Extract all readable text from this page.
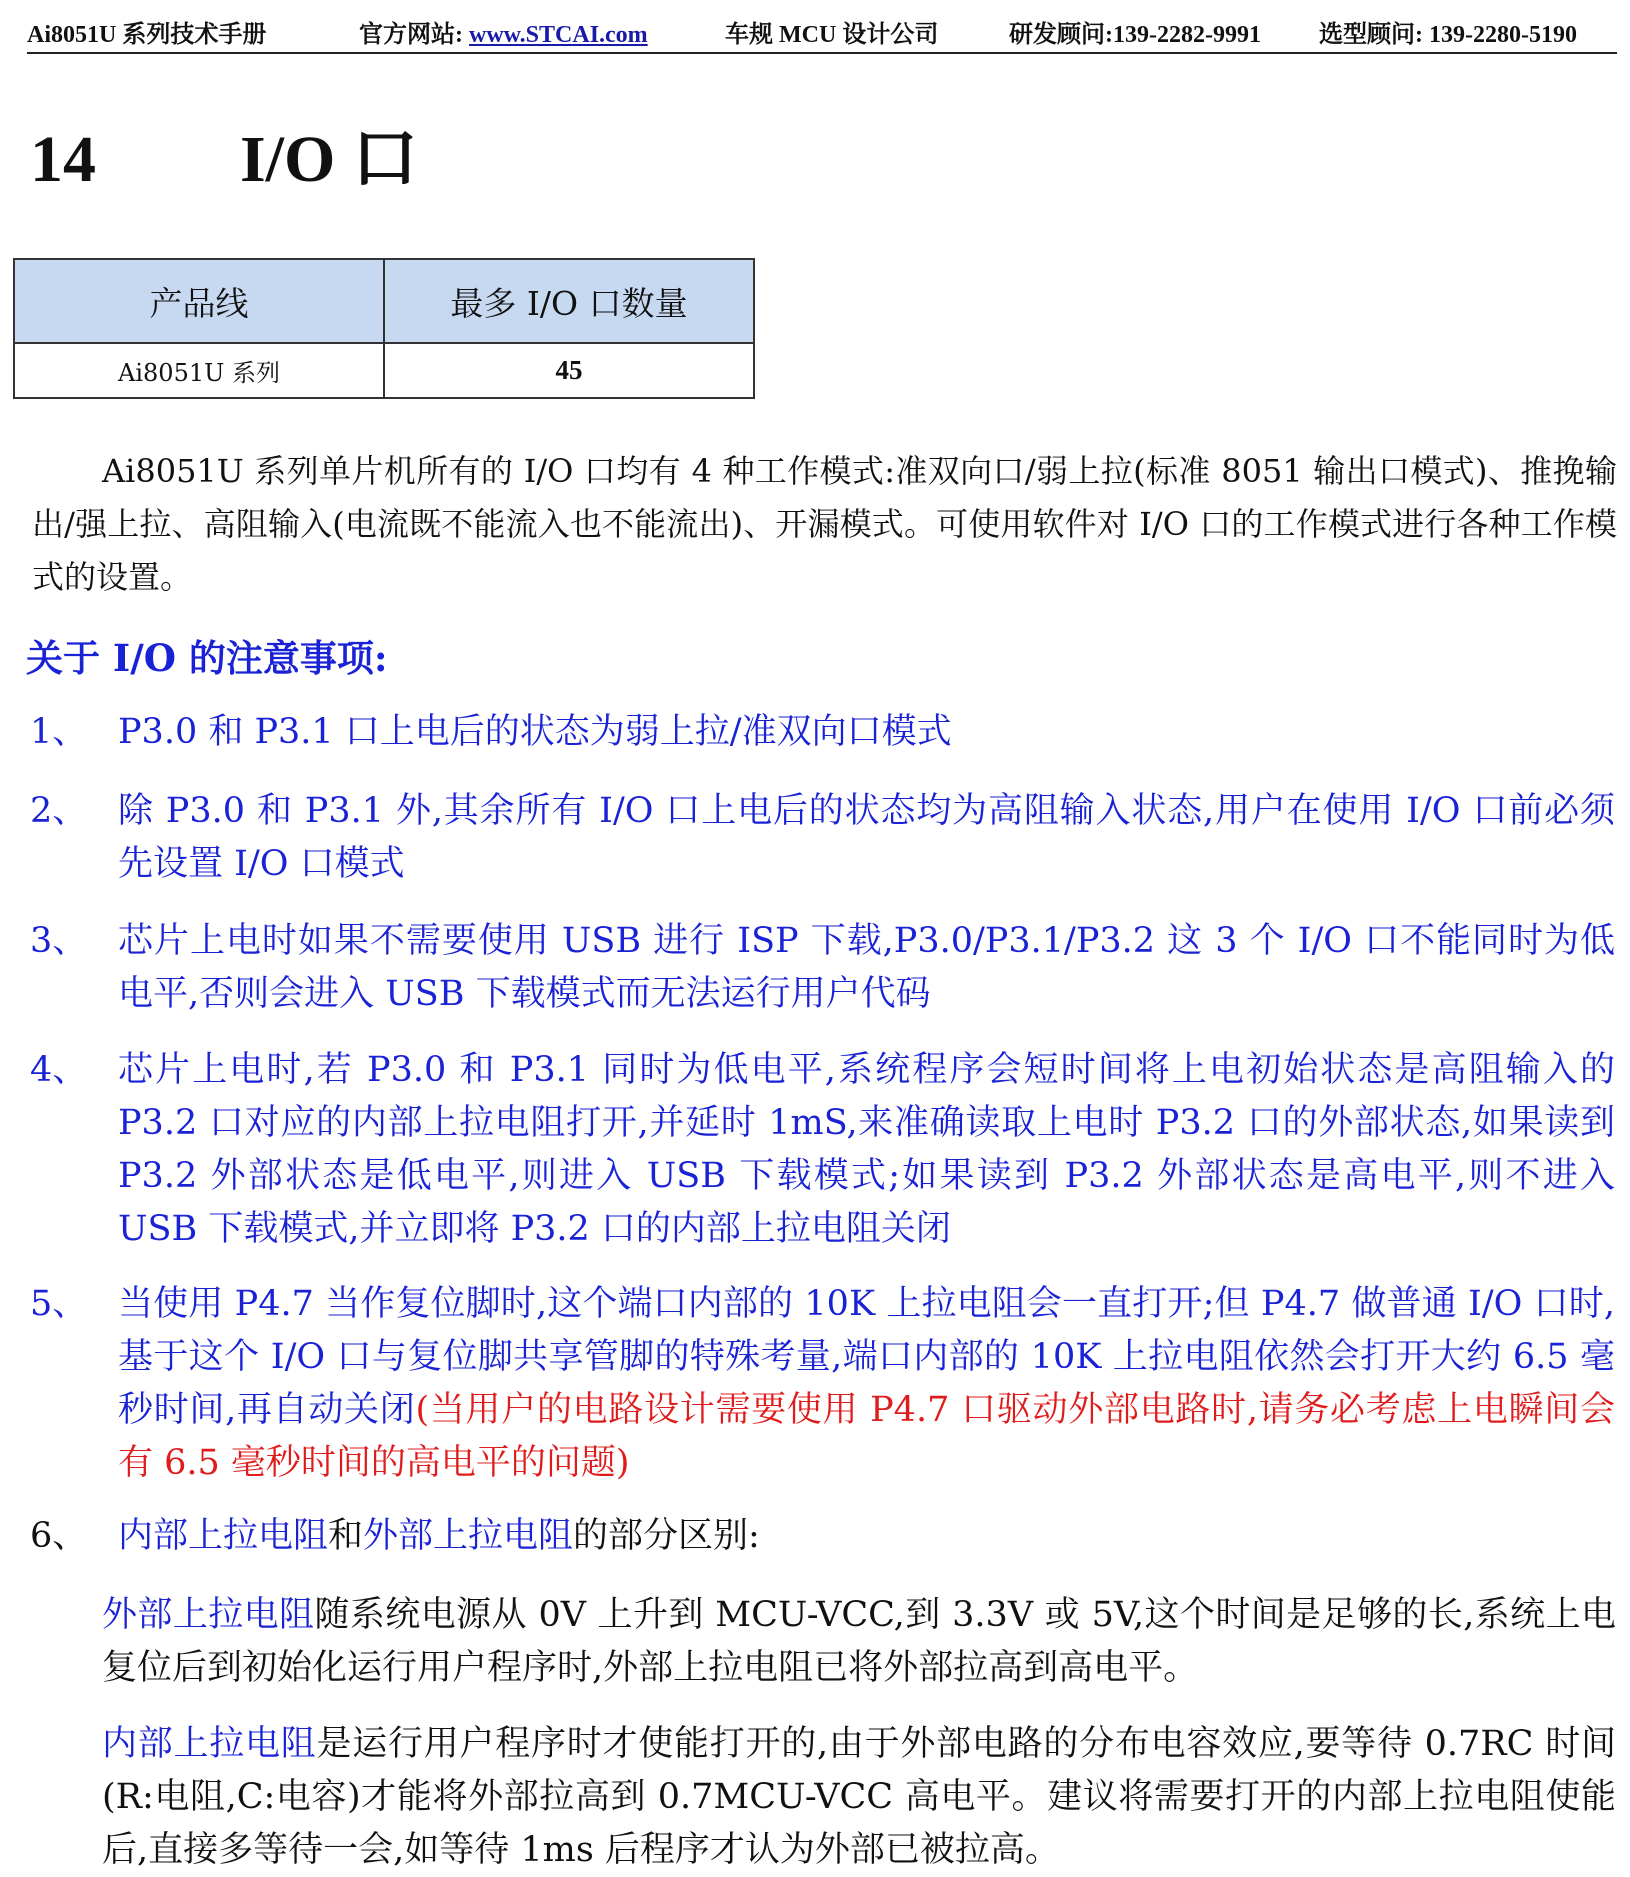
Ai8051U 系列技术手册	官方网站: www.STCAI.com	车规 MCU 设计公司	研发顾问:139-2282-9991 选型顾问: 139-2280-5190
14 I/O 口
产品线	最多 I/O 口数量
Ai8051U 系列	45
Ai8051U 系列单片机所有的 I/O 口均有 4 种工作模式:准双向口/弱上拉(标准 8051 输出口模式)、推挽输出/强上拉、高阻输入(电流既不能流入也不能流出)、开漏模式。可使用软件对 I/O 口的工作模式进行各种工作模式的设置。
关于 I/O 的注意事项:
1、 P3.0 和 P3.1 口上电后的状态为弱上拉/准双向口模式
2、 除 P3.0 和 P3.1 外,其余所有 I/O 口上电后的状态均为高阻输入状态,用户在使用 I/O 口前必须先设置 I/O 口模式
3、 芯片上电时如果不需要使用 USB 进行 ISP 下载,P3.0/P3.1/P3.2 这 3 个 I/O 口不能同时为低电平,否则会进入 USB 下载模式而无法运行用户代码
4、 芯片上电时,若 P3.0 和 P3.1 同时为低电平,系统程序会短时间将上电初始状态是高阻输入的 P3.2 口对应的内部上拉电阻打开,并延时 1mS,来准确读取上电时 P3.2 口的外部状态,如果读到 P3.2 外部状态是低电平,则进入 USB 下载模式;如果读到 P3.2 外部状态是高电平,则不进入 USB 下载模式,并立即将 P3.2 口的内部上拉电阻关闭
5、 当使用 P4.7 当作复位脚时,这个端口内部的 10K 上拉电阻会一直打开;但 P4.7 做普通 I/O 口时,基于这个 I/O 口与复位脚共享管脚的特殊考量,端口内部的 10K 上拉电阻依然会打开大约 6.5 毫秒时间,再自动关闭(当用户的电路设计需要使用 P4.7 口驱动外部电路时,请务必考虑上电瞬间会有 6.5 毫秒时间的高电平的问题)
6、 内部上拉电阻和外部上拉电阻的部分区别:
外部上拉电阻随系统电源从 0V 上升到 MCU-VCC,到 3.3V 或 5V,这个时间是足够的长,系统上电复位后到初始化运行用户程序时,外部上拉电阻已将外部拉高到高电平。
内部上拉电阻是运行用户程序时才使能打开的,由于外部电路的分布电容效应,要等待 0.7RC 时间(R:电阻,C:电容)才能将外部拉高到 0.7MCU-VCC 高电平。建议将需要打开的内部上拉电阻使能后,直接多等待一会,如等待 1ms 后程序才认为外部已被拉高。
